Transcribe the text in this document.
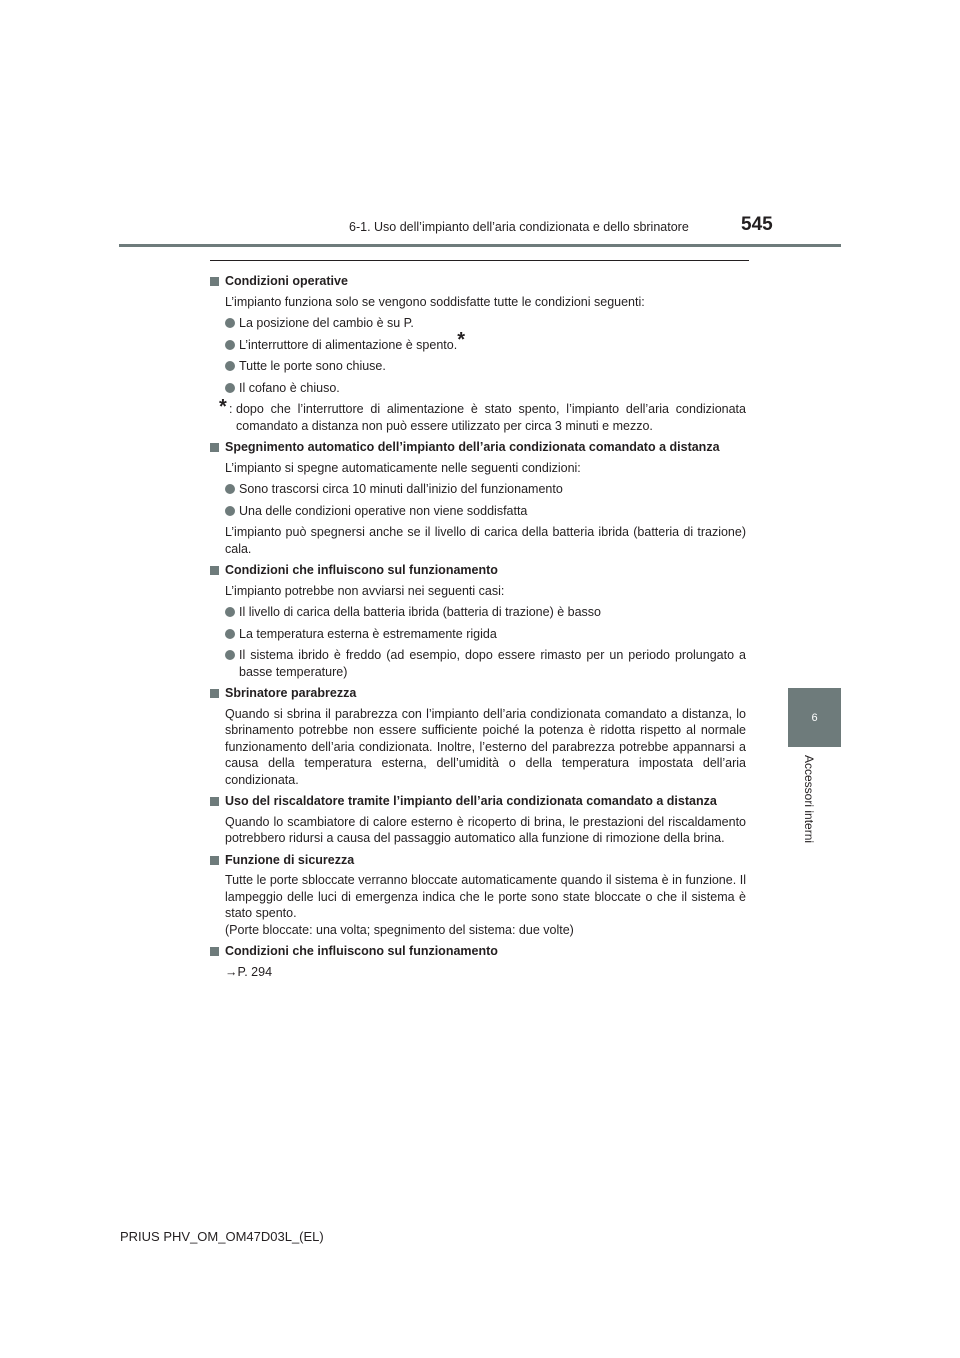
6-1. Uso dell’impianto dell’aria condizionata e dello sbrinatore	545
6
Accessori interni
Condizioni operative
L’impianto funziona solo se vengono soddisfatte tutte le condizioni seguenti:
La posizione del cambio è su P.
L’interruttore di alimentazione è spento.*
Tutte le porte sono chiuse.
Il cofano è chiuso.
* : dopo che l’interruttore di alimentazione è stato spento, l’impianto dell’aria condizionata comandato a distanza non può essere utilizzato per circa 3 minuti e mezzo.
Spegnimento automatico dell’impianto dell’aria condizionata comandato a distanza
L’impianto si spegne automaticamente nelle seguenti condizioni:
Sono trascorsi circa 10 minuti dall’inizio del funzionamento
Una delle condizioni operative non viene soddisfatta
L’impianto può spegnersi anche se il livello di carica della batteria ibrida (batteria di trazione) cala.
Condizioni che influiscono sul funzionamento
L’impianto potrebbe non avviarsi nei seguenti casi:
Il livello di carica della batteria ibrida (batteria di trazione) è basso
La temperatura esterna è estremamente rigida
Il sistema ibrido è freddo (ad esempio, dopo essere rimasto per un periodo prolungato a basse temperature)
Sbrinatore parabrezza
Quando si sbrina il parabrezza con l’impianto dell’aria condizionata comandato a distanza, lo sbrinamento potrebbe non essere sufficiente poiché la potenza è ridotta rispetto al normale funzionamento dell’aria condizionata. Inoltre, l’esterno del parabrezza potrebbe appannarsi a causa della temperatura esterna, dell’umidità o della temperatura impostata dell’aria condizionata.
Uso del riscaldatore tramite l’impianto dell’aria condizionata comandato a distanza
Quando lo scambiatore di calore esterno è ricoperto di brina, le prestazioni del riscaldamento potrebbero ridursi a causa del passaggio automatico alla funzione di rimozione della brina.
Funzione di sicurezza
Tutte le porte sbloccate verranno bloccate automaticamente quando il sistema è in funzione. Il lampeggio delle luci di emergenza indica che le porte sono state bloccate o che il sistema è stato spento.
(Porte bloccate: una volta; spegnimento del sistema: due volte)
Condizioni che influiscono sul funzionamento
→P. 294
PRIUS PHV_OM_OM47D03L_(EL)
